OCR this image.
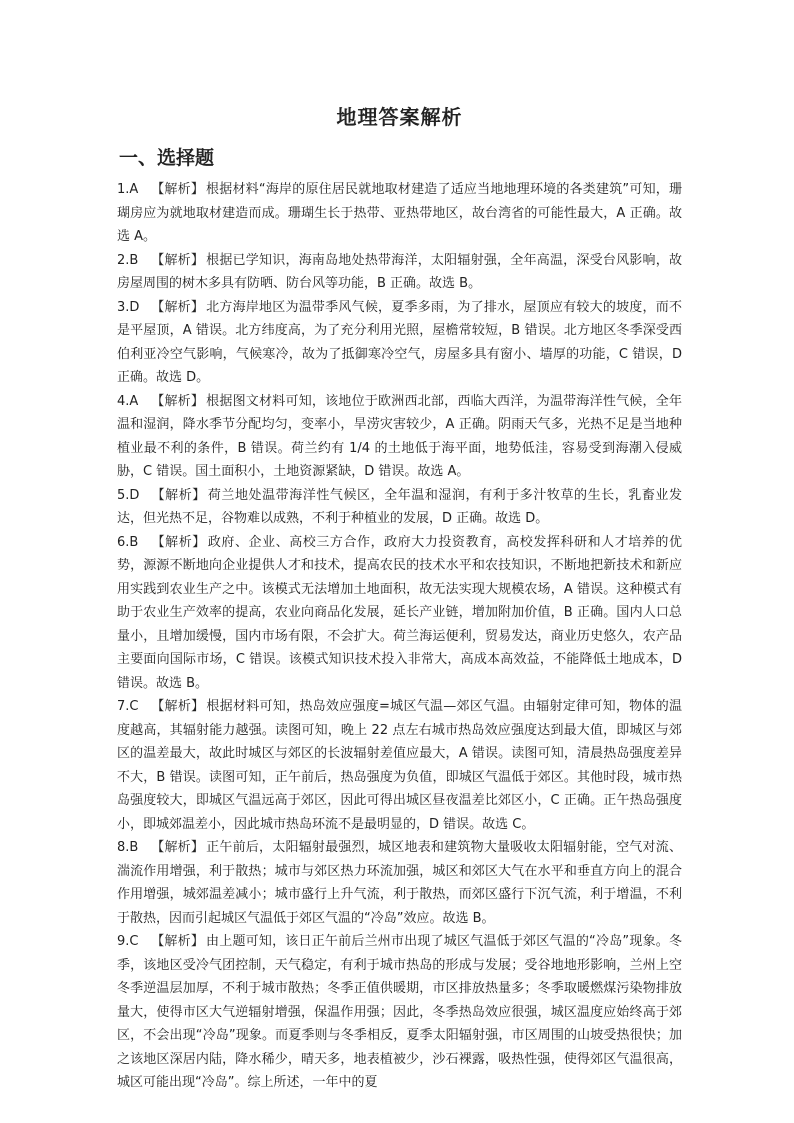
地理答案解析
一、选择题

1.A 【解析】 根据材料“海岸的原住居民就地取材建造了适应当地地理环境的各类建筑”可知，珊瑚房应为就地取材建造而成。珊瑚生长于热带、亚热带地区，故台湾省的可能性最大，A 正确。故选 A。

2.B 【解析】 根据已学知识，海南岛地处热带海洋，太阳辐射强，全年高温，深受台风影响，故房屋周围的树木多具有防晒、防台风等功能，B 正确。故选 B。

3.D 【解析】 北方海岸地区为温带季风气候，夏季多雨，为了排水，屋顶应有较大的坡度，而不是平屋顶，A 错误。北方纬度高，为了充分利用光照，屋檐常较短，B 错误。北方地区冬季深受西伯利亚冷空气影响，气候寒冷，故为了抵御寒冷空气，房屋多具有窗小、墙厚的功能，C 错误，D 正确。故选 D。

4.A 【解析】 根据图文材料可知，该地位于欧洲西北部，西临大西洋，为温带海洋性气候，全年温和湿润，降水季节分配均匀，变率小，旱涝灾害较少，A 正确。阴雨天气多，光热不足是当地种植业最不利的条件，B 错误。荷兰约有 1/4 的土地低于海平面，地势低洼，容易受到海潮入侵威胁，C 错误。国土面积小，土地资源紧缺，D 错误。故选 A。

5.D 【解析】 荷兰地处温带海洋性气候区，全年温和湿润，有利于多汁牧草的生长，乳畜业发达，但光热不足，谷物难以成熟，不利于种植业的发展，D 正确。故选 D。

6.B 【解析】 政府、企业、高校三方合作，政府大力投资教育，高校发挥科研和人才培养的优势，源源不断地向企业提供人才和技术，提高农民的技术水平和农技知识，不断地把新技术和新应用实践到农业生产之中。该模式无法增加土地面积，故无法实现大规模农场，A 错误。这种模式有助于农业生产效率的提高，农业向商品化发展，延长产业链，增加附加价值，B 正确。国内人口总量小，且增加缓慢，国内市场有限，不会扩大。荷兰海运便利，贸易发达，商业历史悠久，农产品主要面向国际市场，C 错误。该模式知识技术投入非常大，高成本高效益，不能降低土地成本，D 错误。故选 B。

7.C 【解析】 根据材料可知，热岛效应强度=城区气温—郊区气温。由辐射定律可知，物体的温度越高，其辐射能力越强。读图可知，晚上 22 点左右城市热岛效应强度达到最大值，即城区与郊区的温差最大，故此时城区与郊区的长波辐射差值应最大，A 错误。读图可知，清晨热岛强度差异不大，B 错误。读图可知，正午前后，热岛强度为负值，即城区气温低于郊区。其他时段，城市热岛强度较大，即城区气温远高于郊区，因此可得出城区昼夜温差比郊区小，C 正确。正午热岛强度小，即城郊温差小，因此城市热岛环流不是最明显的，D 错误。故选 C。

8.B 【解析】 正午前后，太阳辐射最强烈，城区地表和建筑物大量吸收太阳辐射能，空气对流、湍流作用增强，利于散热；城市与郊区热力环流加强，城区和郊区大气在水平和垂直方向上的混合作用增强，城郊温差减小；城市盛行上升气流，利于散热，而郊区盛行下沉气流，利于增温，不利于散热，因而引起城区气温低于郊区气温的“冷岛”效应。故选 B。

9.C 【解析】 由上题可知，该日正午前后兰州市出现了城区气温低于郊区气温的“冷岛”现象。冬季，该地区受冷气团控制，天气稳定，有利于城市热岛的形成与发展；受谷地地形影响，兰州上空冬季逆温层加厚，不利于城市散热；冬季正值供暖期，市区排放热量多；冬季取暖燃煤污染物排放量大，使得市区大气逆辐射增强，保温作用强；因此，冬季热岛效应很强，城区温度应始终高于郊区，不会出现“冷岛”现象。而夏季则与冬季相反，夏季太阳辐射强，市区周围的山坡受热很快；加之该地区深居内陆，降水稀少，晴天多，地表植被少，沙石裸露，吸热性强，使得郊区气温很高，城区可能出现“冷岛”。综上所述，一年中的夏
